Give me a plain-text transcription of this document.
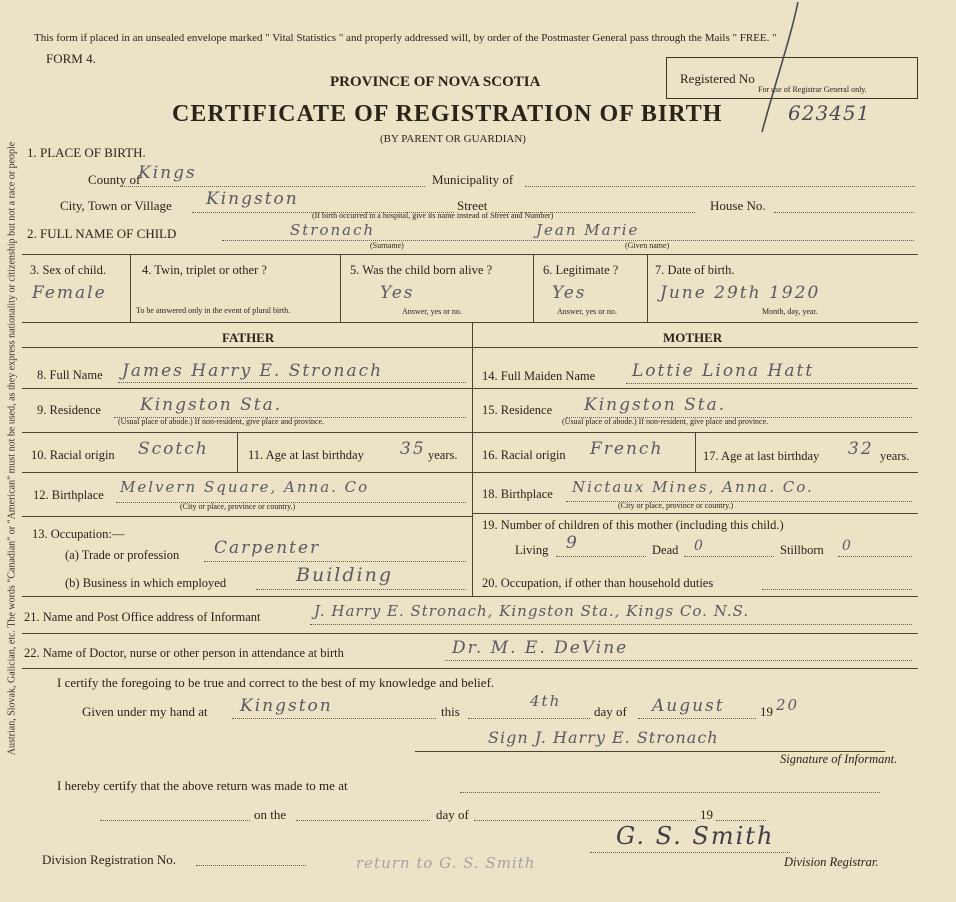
Austrian, Slovak, Galician, etc. The words "Canadian" or "American" must not be used, as they express nationality or citizenship but not a race or people
This form if placed in an unsealed envelope marked " Vital Statistics " and properly addressed will, by order of the Postmaster General pass through the Mails " FREE. "
FORM 4.
PROVINCE OF NOVA SCOTIA
CERTIFICATE OF REGISTRATION OF BIRTH
(BY PARENT OR GUARDIAN)
Registered No
For use of Registrar General only.
623451
1. PLACE OF BIRTH.
County of
Kings	Municipality of
City, Town or Village Kingston	Street	House No.
(If birth occurred in a hospital, give its name instead of Street and Number)
2. FULL NAME OF CHILD	Stronach
(Surname)
Jean Marie
(Given name)
3. Sex of child.
Female
4. Twin, triplet or other ?
To be answered only in the event of plural birth.
5. Was the child born alive ?
Yes
Answer, yes or no.
6. Legitimate ?
Yes
Answer, yes or no.
7. Date of birth.
June 29th 1920
Month, day, year.
FATHER
8. Full Name James Harry E. Stronach
9. Residence Kingston Sta.
(Usual place of abode.) If non-resident, give place and province.
10. Racial origin Scotch	11. Age at last birthday 35 years.
12. Birthplace Melvern Square, Anna. Co
(City or place, province or country.)
13. Occupation:—
(a) Trade or profession Carpenter
(b) Business in which employed	Building
MOTHER
14. Full Maiden Name Lottie Liona Hatt
15. Residence Kingston Sta.
(Usual place of abode.) If non-resident, give place and province.
16. Racial origin French	17. Age at last birthday 32 years.
18. Birthplace Nictaux Mines, Anna. Co.
(City or place, province or country.)
19. Number of children of this mother (including this child.)
Living 9	Dead 0	Stillborn 0
20. Occupation, if other than household duties
21. Name and Post Office address of Informant	J. Harry E. Stronach, Kingston Sta., Kings Co. N.S.
22. Name of Doctor, nurse or other person in attendance at birth	Dr. M. E. DeVine
I certify the foregoing to be true and correct to the best of my knowledge and belief.
Given under my hand at Kingston	this
4th
day of August	19 20
Sign J. Harry E. Stronach
Signature of Informant.
I hereby certify that the above return was made to me at
on the	day of	19
Division Registration No.	return to G. S. Smith
G. S. Smith
Division Registrar.
